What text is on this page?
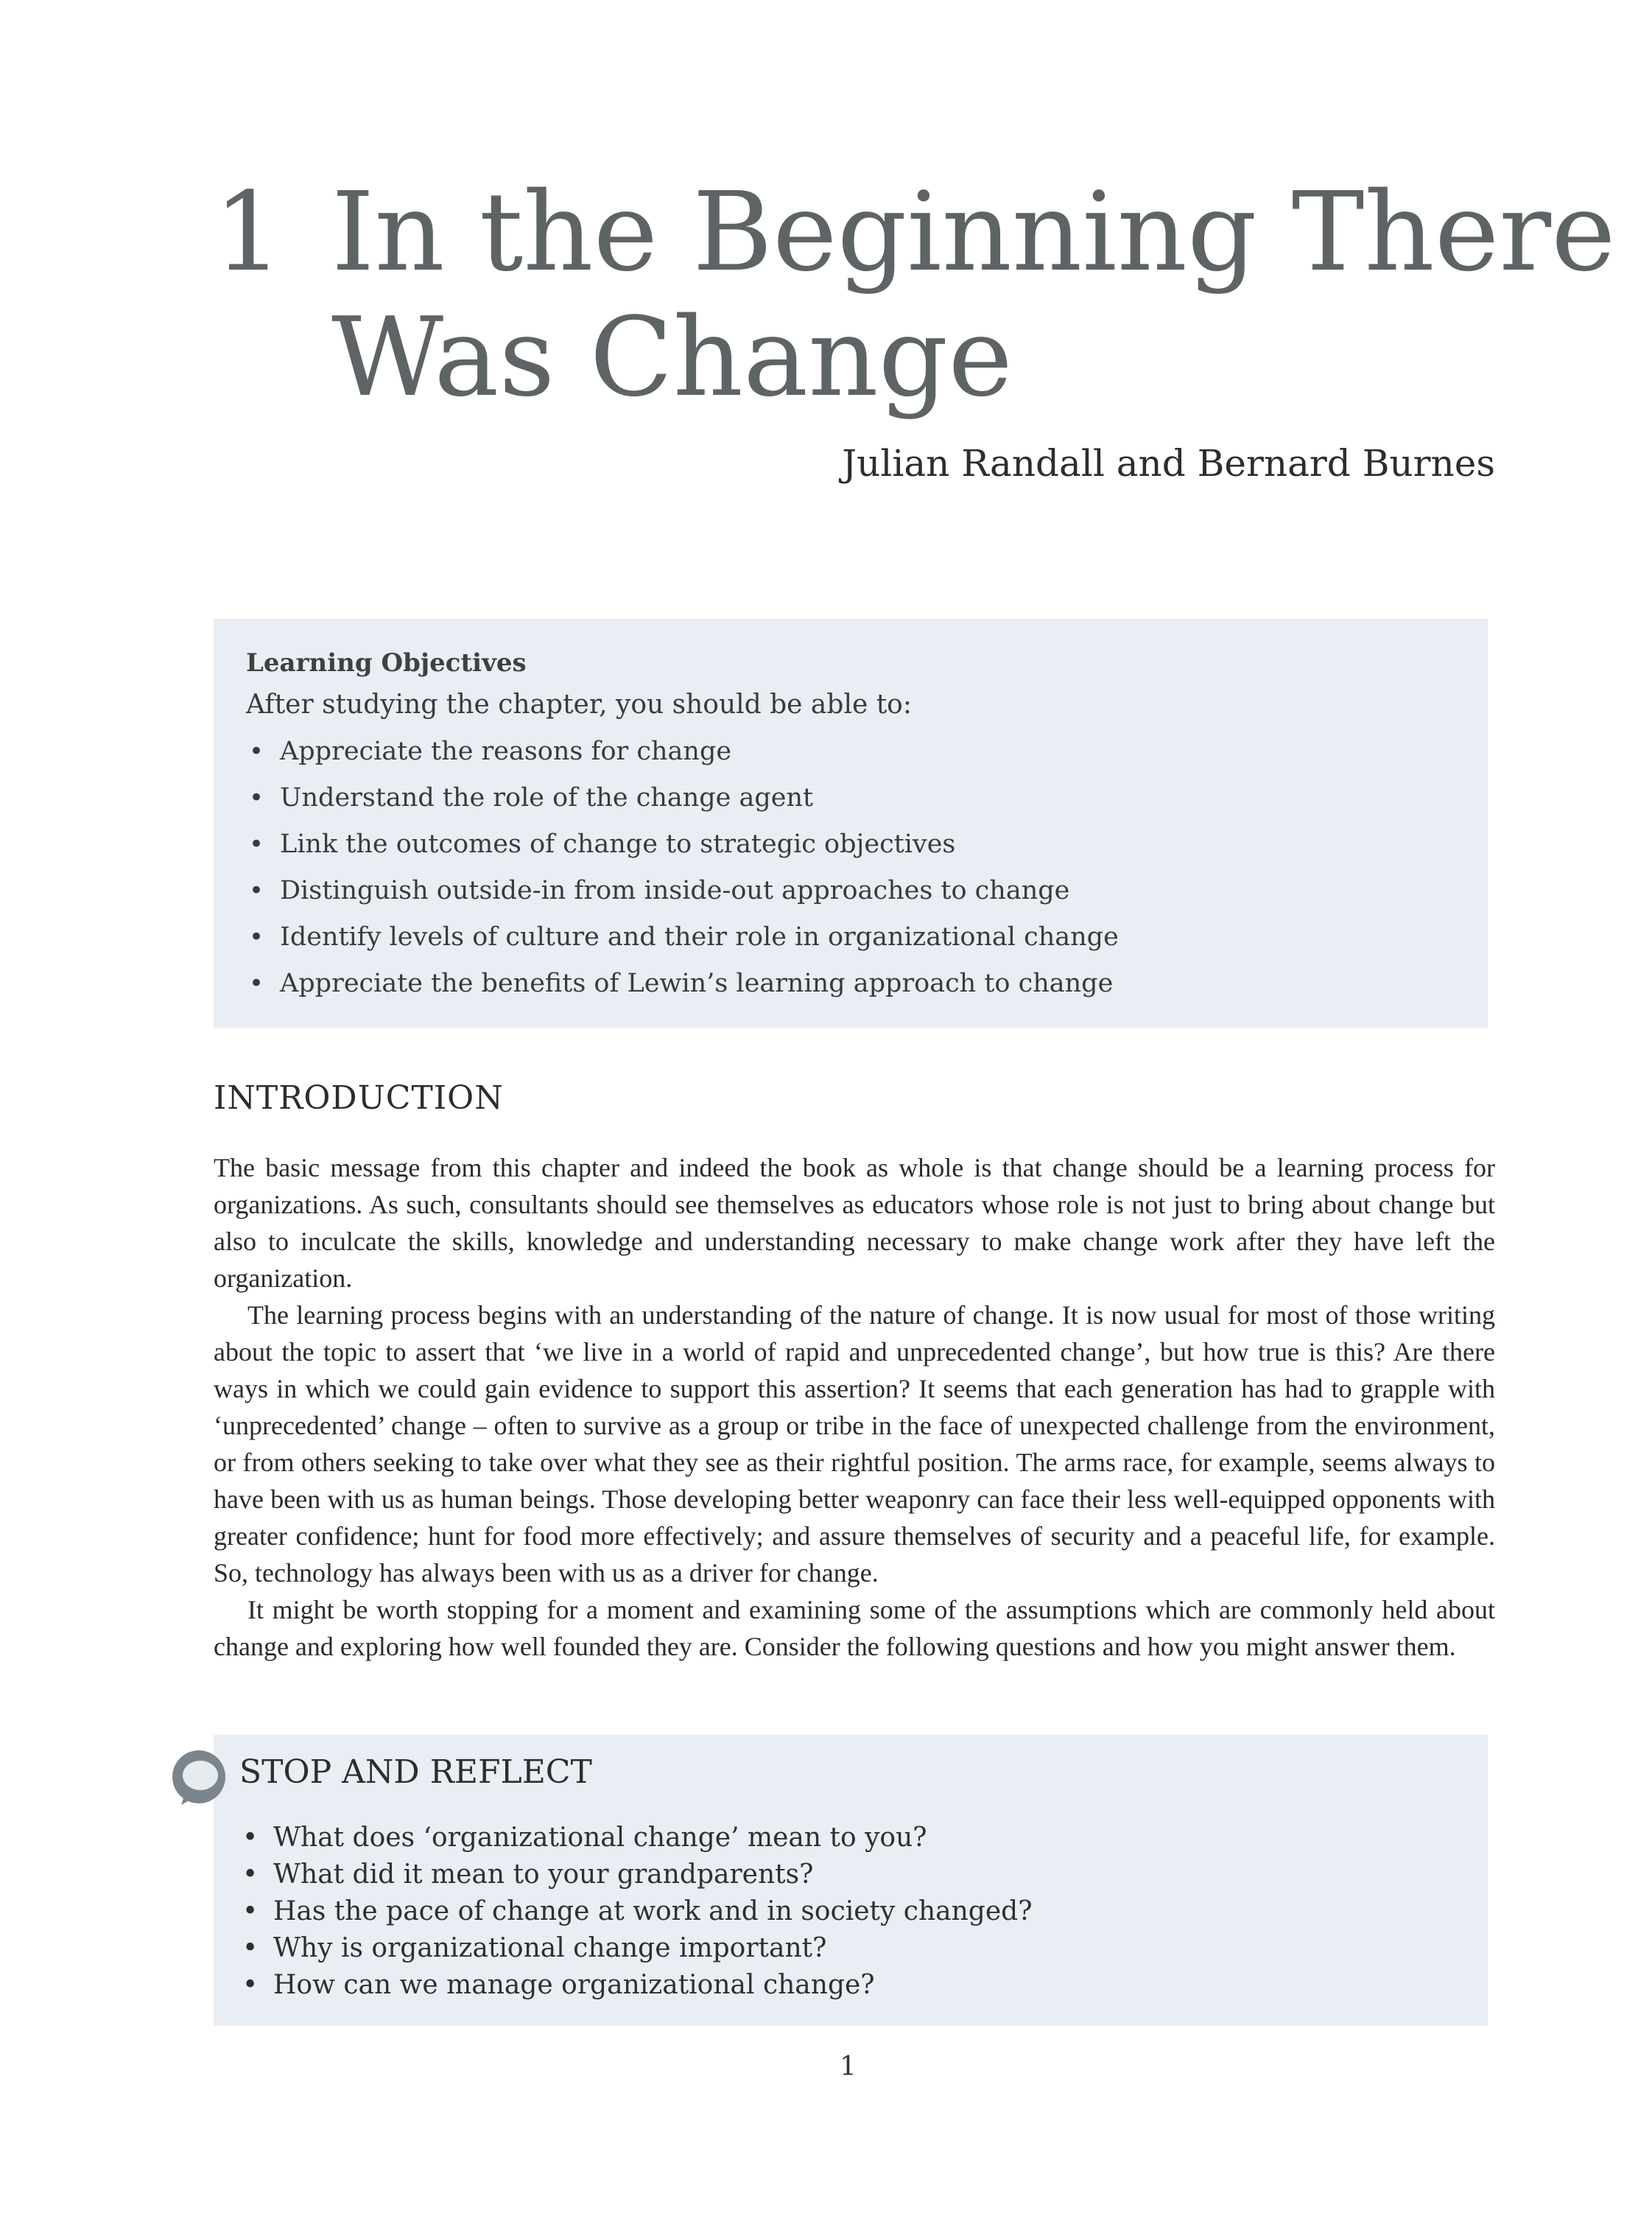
1 In the Beginning There
Was Change
Julian Randall and Bernard Burnes
Learning Objectives
After studying the chapter, you should be able to:
• Appreciate the reasons for change
• Understand the role of the change agent
• Link the outcomes of change to strategic objectives
• Distinguish outside-in from inside-out approaches to change
• Identify levels of culture and their role in organizational change
• Appreciate the benefits of Lewin’s learning approach to change
INTRODUCTION

The basic message from this chapter and indeed the book as whole is that change should be a learning process for organizations. As such, consultants should see themselves as educators whose role is not just to bring about change but also to inculcate the skills, knowledge and understanding necessary to make change work after they have left the organization.

The learning process begins with an understanding of the nature of change. It is now usual for most of those writing about the topic to assert that ‘we live in a world of rapid and unprecedented change’, but how true is this? Are there ways in which we could gain evidence to support this assertion? It seems that each generation has had to grapple with ‘unprecedented’ change – often to survive as a group or tribe in the face of unexpected challenge from the environment, or from others seeking to take over what they see as their rightful position. The arms race, for example, seems always to have been with us as human beings. Those developing better weaponry can face their less well-equipped opponents with greater confidence; hunt for food more effectively; and assure themselves of security and a peaceful life, for example. So, technology has always been with us as a driver for change.

It might be worth stopping for a moment and examining some of the assumptions which are commonly held about change and exploring how well founded they are. Consider the following questions and how you might answer them.

STOP AND REFLECT
• What does ‘organizational change’ mean to you?
• What did it mean to your grandparents?
• Has the pace of change at work and in society changed?
• Why is organizational change important?
• How can we manage organizational change?
1
